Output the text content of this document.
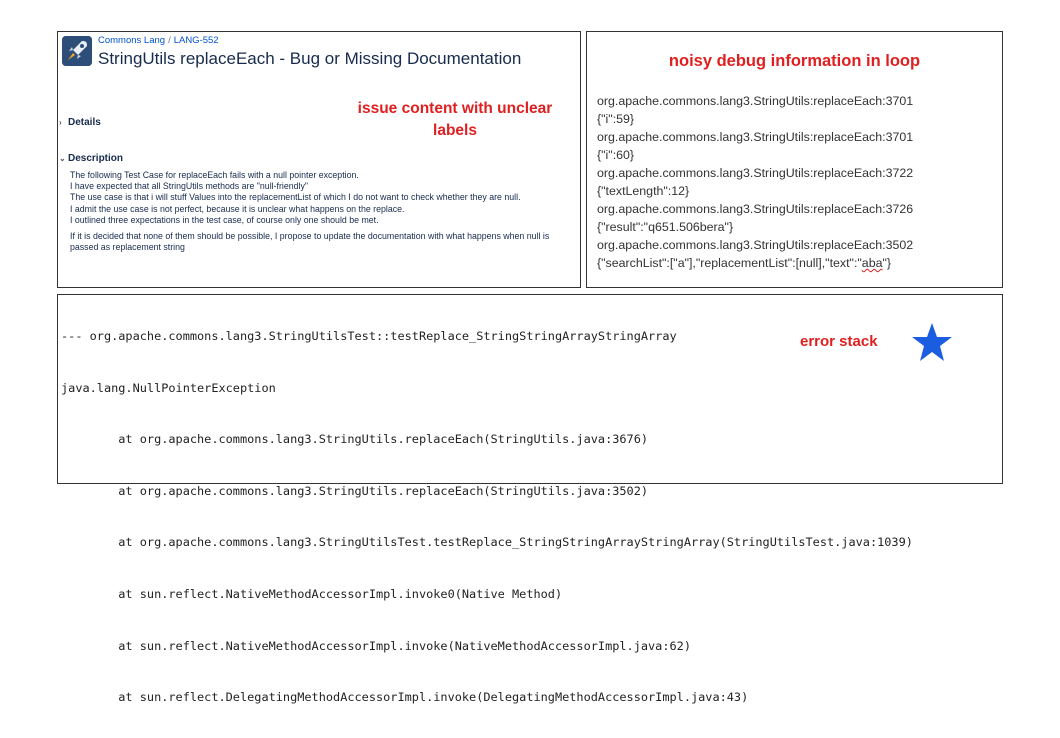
Commons Lang / LANG-552
StringUtils replaceEach - Bug or Missing Documentation
issue content with unclear labels
› Details
⌄ Description

The following Test Case for replaceEach fails with a null pointer exception.

I have expected that all StringUtils methods are "null-friendly"

The use case is that i will stuff Values into the replacementList of which I do not want to check whether they are null.

I admit the use case is not perfect, because it is unclear what happens on the replace.

I outlined three expectations in the test case, of course only one should be met.

If it is decided that none of them should be possible, I propose to update the documentation with what happens when null is passed as replacement string

noisy debug information in loop
org.apache.commons.lang3.StringUtils:replaceEach:3701
{"i":59}
org.apache.commons.lang3.StringUtils:replaceEach:3701
{"i":60}
org.apache.commons.lang3.StringUtils:replaceEach:3722
{"textLength":12}
org.apache.commons.lang3.StringUtils:replaceEach:3726
{"result":"q651.506bera"}
org.apache.commons.lang3.StringUtils:replaceEach:3502
{"searchList":["a"],"replacementList":[null],"text":"aba"}

--- org.apache.commons.lang3.StringUtilsTest::testReplace_StringStringArrayStringArray

java.lang.NullPointerException

at org.apache.commons.lang3.StringUtils.replaceEach(StringUtils.java:3676)

at org.apache.commons.lang3.StringUtils.replaceEach(StringUtils.java:3502)

at org.apache.commons.lang3.StringUtilsTest.testReplace_StringStringArrayStringArray(StringUtilsTest.java:1039)

at sun.reflect.NativeMethodAccessorImpl.invoke0(Native Method)

at sun.reflect.NativeMethodAccessorImpl.invoke(NativeMethodAccessorImpl.java:62)

at sun.reflect.DelegatingMethodAccessorImpl.invoke(DelegatingMethodAccessorImpl.java:43)

error stack
